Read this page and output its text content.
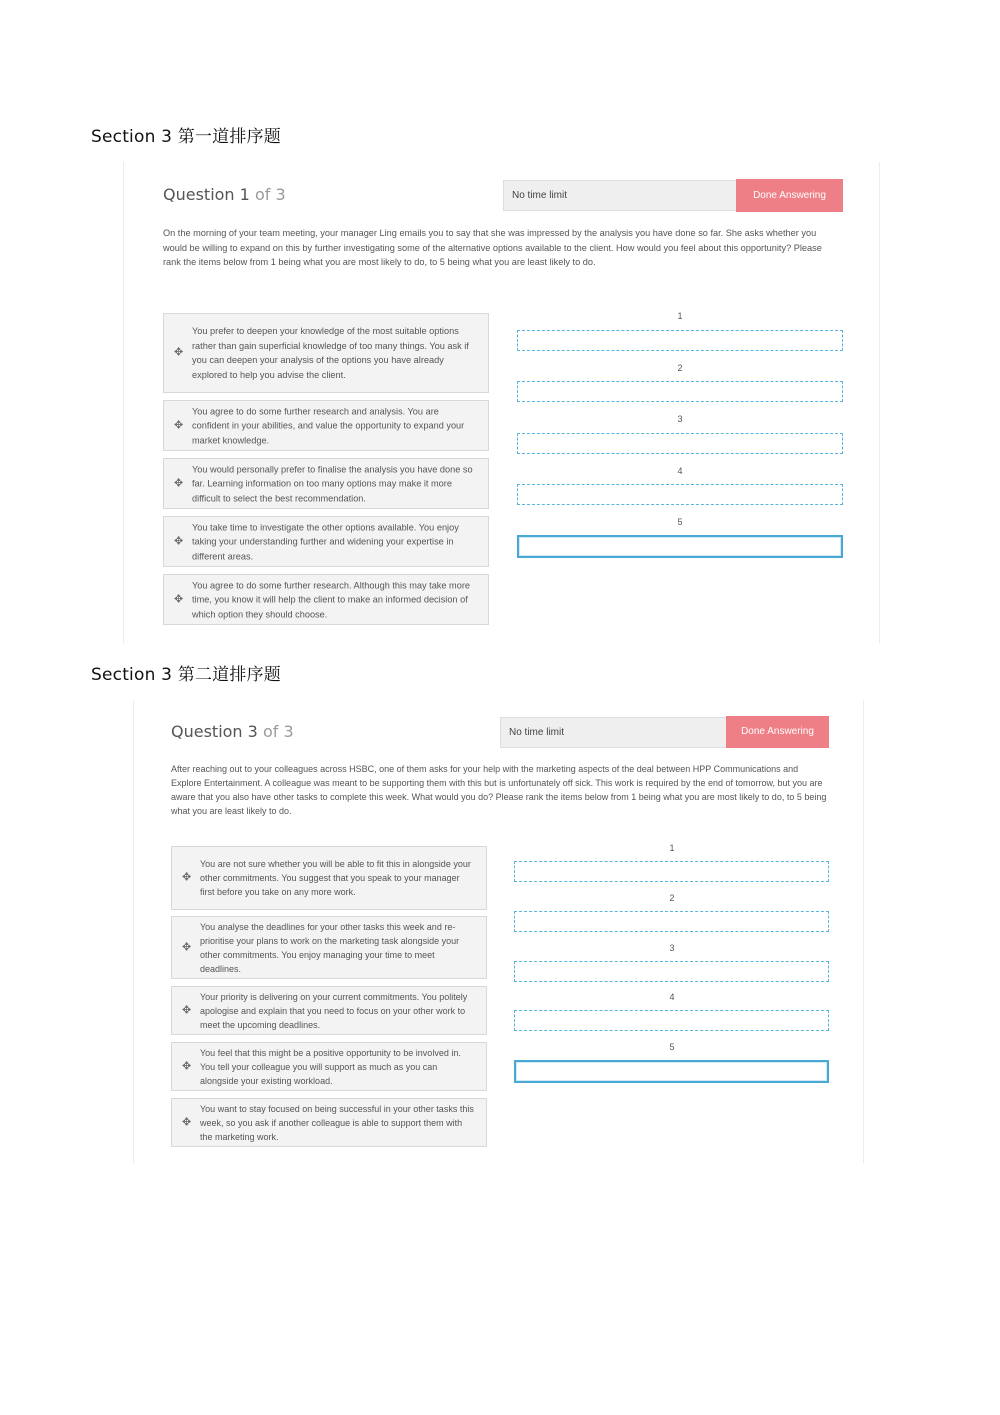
Section 3 第一道排序题
Question 1 of 3	No time limit	Done Answering

On the morning of your team meeting, your manager Ling emails you to say that she was impressed by the analysis you have done so far. She asks whether you would be willing to expand on this by further investigating some of the alternative options available to the client. How would you feel about this opportunity? Please rank the items below from 1 being what you are most likely to do, to 5 being what you are least likely to do.

✥

You prefer to deepen your knowledge of the most suitable options rather than gain superficial knowledge of too many things. You ask if you can deepen your analysis of the options you have already explored to help you advise the client.

✥

You agree to do some further research and analysis. You are confident in your abilities, and value the opportunity to expand your market knowledge.

✥

You would personally prefer to finalise the analysis you have done so far. Learning information on too many options may make it more difficult to select the best recommendation.

✥

You take time to investigate the other options available. You enjoy taking your understanding further and widening your expertise in different areas.

✥

You agree to do some further research. Although this may take more time, you know it will help the client to make an informed decision of which option they should choose.

1
2
3
4
5
Section 3 第二道排序题
Question 3 of 3	No time limit	Done Answering

After reaching out to your colleagues across HSBC, one of them asks for your help with the marketing aspects of the deal between HPP Communications and Explore Entertainment. A colleague was meant to be supporting them with this but is unfortunately off sick. This work is required by the end of tomorrow, but you are aware that you also have other tasks to complete this week. What would you do? Please rank the items below from 1 being what you are most likely to do, to 5 being what you are least likely to do.

✥

You are not sure whether you will be able to fit this in alongside your other commitments. You suggest that you speak to your manager first before you take on any more work.

✥

You analyse the deadlines for your other tasks this week and re-prioritise your plans to work on the marketing task alongside your other commitments. You enjoy managing your time to meet deadlines.

✥

Your priority is delivering on your current commitments. You politely apologise and explain that you need to focus on your other work to meet the upcoming deadlines.

✥

You feel that this might be a positive opportunity to be involved in. You tell your colleague you will support as much as you can alongside your existing workload.

✥

You want to stay focused on being successful in your other tasks this week, so you ask if another colleague is able to support them with the marketing work.

1
2
3
4
5
